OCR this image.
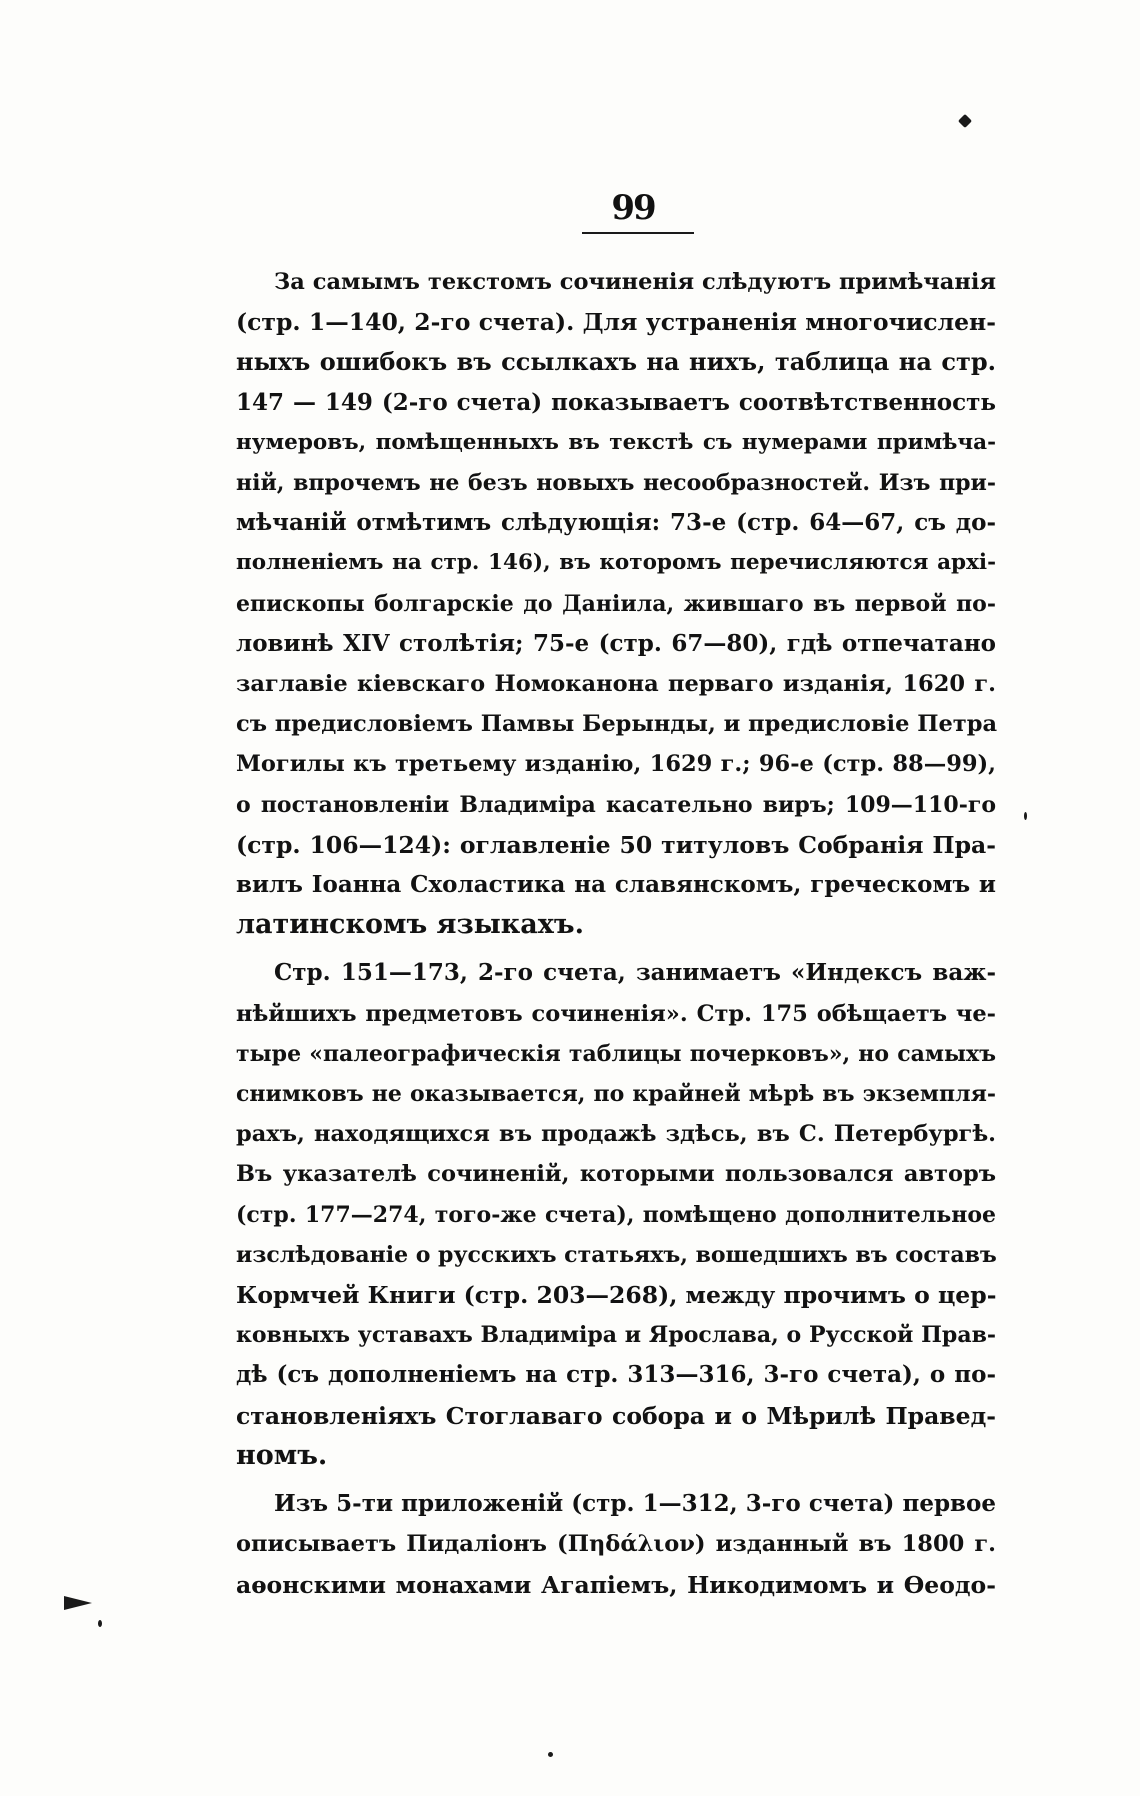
99
За самымъ текстомъ сочиненія слѣдуютъ примѣчанія
(стр. 1—140, 2-го счета). Для устраненія многочислен-
ныхъ ошибокъ въ ссылкахъ на нихъ, таблица на стр.
147 — 149 (2-го счета) показываетъ соотвѣтственность
нумеровъ, помѣщенныхъ въ текстѣ съ нумерами примѣча-
ній, впрочемъ не безъ новыхъ несообразностей. Изъ при-
мѣчаній отмѣтимъ слѣдующія: 73-е (стр. 64—67, съ до-
полненіемъ на стр. 146), въ которомъ перечисляются архі-
епископы болгарскіе до Даніила, жившаго въ первой по-
ловинѣ XIV столѣтія; 75-е (стр. 67—80), гдѣ отпечатано
заглавіе кіевскаго Номоканона перваго изданія, 1620 г.
съ предисловіемъ Памвы Берынды, и предисловіе Петра
Могилы къ третьему изданію, 1629 г.; 96-е (стр. 88—99),
о постановленіи Владиміра касательно виръ; 109—110-го
(стр. 106—124): оглавленіе 50 титуловъ Собранія Пра-
вилъ Іоанна Схоластика на славянскомъ, греческомъ и
латинскомъ языкахъ.
Стр. 151—173, 2-го счета, занимаетъ «Индексъ важ-
нѣйшихъ предметовъ сочиненія». Стр. 175 обѣщаетъ че-
тыре «палеографическія таблицы почерковъ», но самыхъ
снимковъ не оказывается, по крайней мѣрѣ въ экземпля-
рахъ, находящихся въ продажѣ здѣсь, въ С. Петербургѣ.
Въ указателѣ сочиненій, которыми пользовался авторъ
(стр. 177—274, того-же счета), помѣщено дополнительное
изслѣдованіе о русскихъ статьяхъ, вошедшихъ въ составъ
Кормчей Книги (стр. 203—268), между прочимъ о цер-
ковныхъ уставахъ Владиміра и Ярослава, о Русской Прав-
дѣ (съ дополненіемъ на стр. 313—316, 3-го счета), о по-
становленіяхъ Стоглаваго собора и о Мѣрилѣ Правед-
номъ.
Изъ 5-ти приложеній (стр. 1—312, 3-го счета) первое
описываетъ Пидаліонъ (Πηδάλιον) изданный въ 1800 г.
аѳонскими монахами Агапіемъ, Никодимомъ и Ѳеодо-
